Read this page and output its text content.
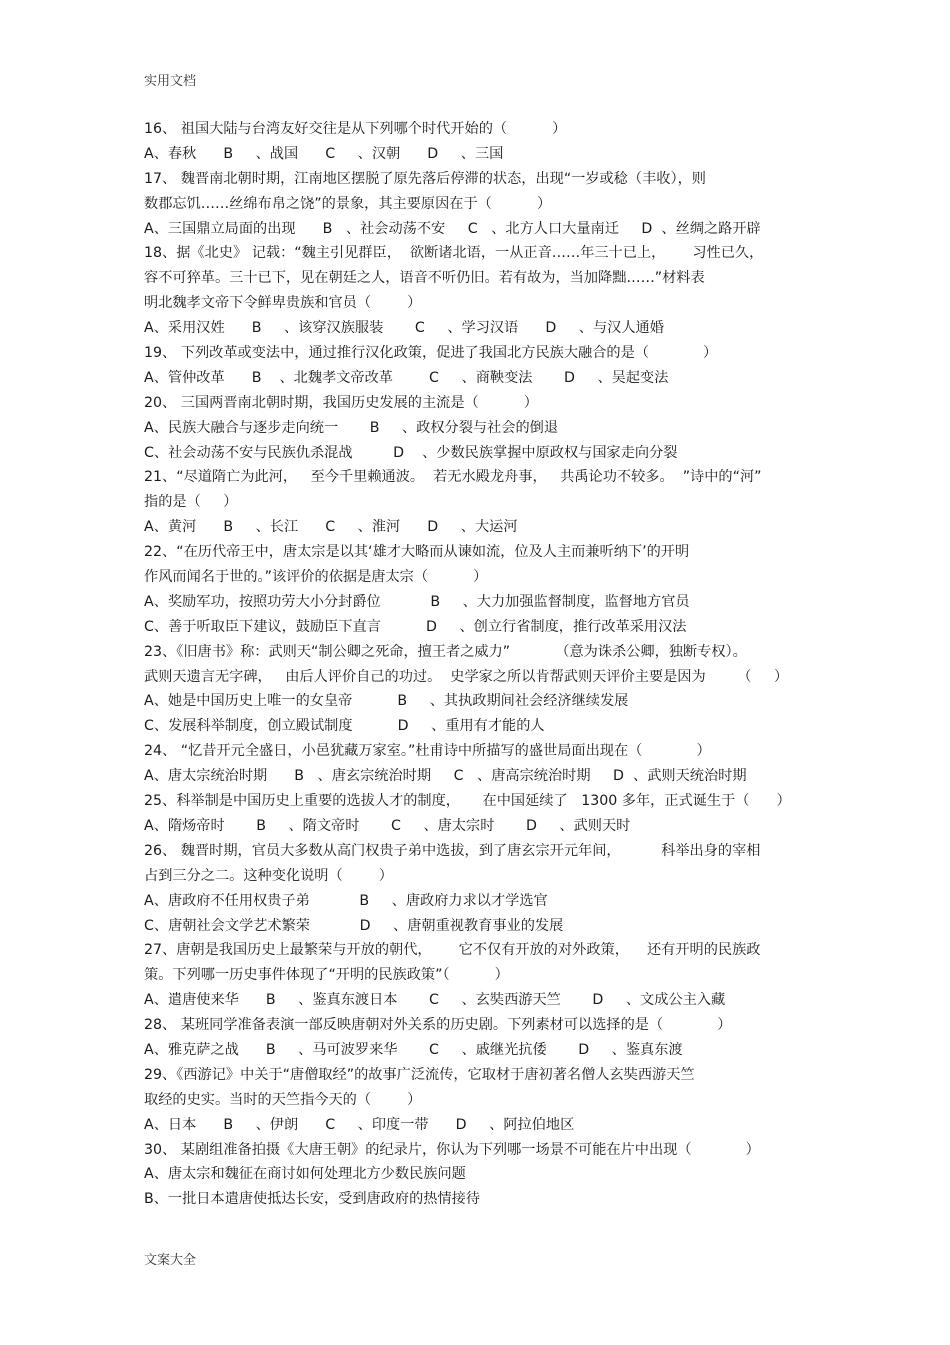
实用文档
16、 祖国大陆与台湾友好交往是从下列哪个时代开始的（          ）
A、春秋      B     、战国      C     、汉朝      D     、三国
17、 魏晋南北朝时期，江南地区摆脱了原先落后停滞的状态，出现“一岁或稔（丰收），则
数郡忘饥……丝绵布帛之饶”的景象，其主要原因在于（          ）
A、三国鼎立局面的出现      B   、社会动荡不安     C   、北方人口大量南迁     D  、丝绸之路开辟
18、据《北史》 记载：“魏主引见群臣，  欲断诸北语，一从正音……年三十已上，      习性已久，
容不可猝革。三十已下，见在朝廷之人，语音不听仍旧。若有故为，当加降黜……”材料表
明北魏孝文帝下令鲜卑贵族和官员（        ）
A、采用汉姓      B     、该穿汉族服装       C     、学习汉语      D     、与汉人通婚
19、 下列改革或变法中，通过推行汉化政策，促进了我国北方民族大融合的是（            ）
A、管仲改革      B    、北魏孝文帝改革        C     、商鞅变法       D     、吴起变法
20、 三国两晋南北朝时期，我国历史发展的主流是（          ）
A、民族大融合与逐步走向统一       B     、政权分裂与社会的倒退
C、社会动荡不安与民族仇杀混战         D    、少数民族掌握中原政权与国家走向分裂
21、“尽道隋亡为此河，   至今千里赖通波。  若无水殿龙舟事，   共禹论功不较多。  ”诗中的“河”
指的是（     ）
A、黄河      B     、长江      C     、淮河      D     、大运河
22、“在历代帝王中，唐太宗是以其‘雄才大略而从谏如流，位及人主而兼听纳下’的开明
作风而闻名于世的。”该评价的依据是唐太宗（          ）
A、奖励军功，按照功劳大小分封爵位           B     、大力加强监督制度，监督地方官员
C、善于听取臣下建议，鼓励臣下直言          D     、创立行省制度，推行改革采用汉法
23、《旧唐书》称：武则天“制公卿之死命，擅王者之威力”          （意为诛杀公卿，独断专权）。
武则天遗言无字碑，   由后人评价自己的功过。  史学家之所以肯帮武则天评价主要是因为       （     ）
A、她是中国历史上唯一的女皇帝          B     、其执政期间社会经济继续发展
C、发展科举制度，创立殿试制度          D     、重用有才能的人
24、 “忆昔开元全盛日，小邑犹藏万家室。”杜甫诗中所描写的盛世局面出现在（            ）
A、唐太宗统治时期      B   、唐玄宗统治时期     C   、唐高宗统治时期     D  、武则天统治时期
25、科举制是中国历史上重要的选拔人才的制度，     在中国延续了   1300 多年，正式诞生于（      ）
A、隋炀帝时       B     、隋文帝时       C     、唐太宗时       D     、武则天时
26、 魏晋时期，官员大多数从高门权贵子弟中选拔，到了唐玄宗开元年间，         科举出身的宰相
占到三分之二。这种变化说明（        ）
A、唐政府不任用权贵子弟           B     、唐政府力求以才学选官
C、唐朝社会文学艺术繁荣           D     、唐朝重视教育事业的发展
27、唐朝是我国历史上最繁荣与开放的朝代，      它不仅有开放的对外政策，    还有开明的民族政
策。下列哪一历史事件体现了“开明的民族政策”（          ）
A、遣唐使来华      B     、鉴真东渡日本       C     、玄奘西游天竺       D     、文成公主入藏
28、 某班同学准备表演一部反映唐朝对外关系的历史剧。下列素材可以选择的是（            ）
A、雅克萨之战      B     、马可波罗来华       C     、戚继光抗倭       D     、鉴真东渡
29、《西游记》中关于“唐僧取经”的故事广泛流传，它取材于唐初著名僧人玄奘西游天竺
取经的史实。当时的天竺指今天的（        ）
A、日本      B     、伊朗      C     、印度一带      D     、阿拉伯地区
30、 某剧组准备拍摄《大唐王朝》的纪录片，你认为下列哪一场景不可能在片中出现（            ）
A、唐太宗和魏征在商讨如何处理北方少数民族问题
B、一批日本遣唐使抵达长安，受到唐政府的热情接待
文案大全
